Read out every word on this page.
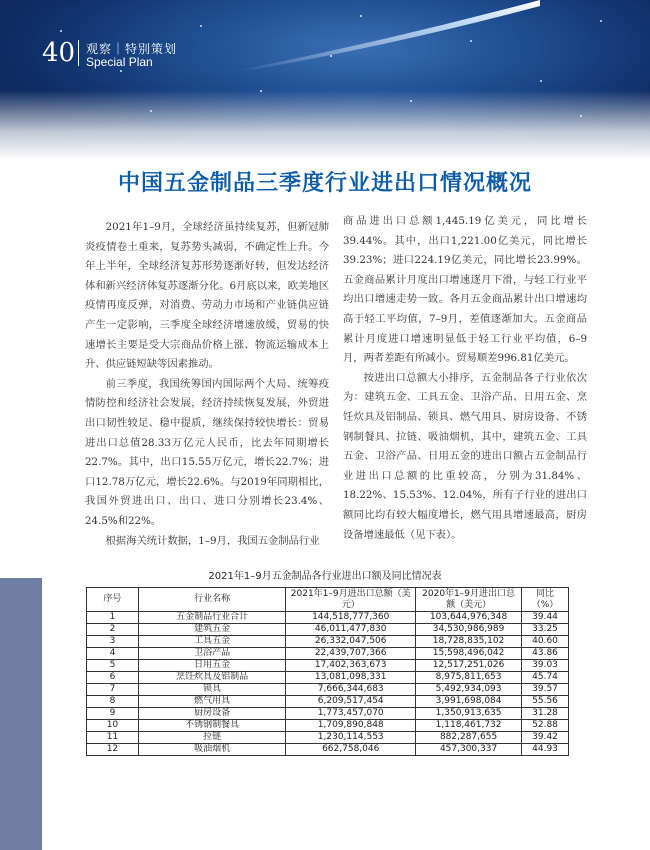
40 观察｜特别策划
Special Plan
中国五金制品三季度行业进出口情况概况

2021年1–9月，全球经济虽持续复苏，但新冠肺炎疫情卷土重来，复苏势头减弱，不确定性上升。今年上半年，全球经济复苏形势逐渐好转，但发达经济体和新兴经济体复苏逐渐分化。6月底以来，欧美地区疫情再度反弹，对消费、劳动力市场和产业链供应链产生一定影响，三季度全球经济增速放缓，贸易的快速增长主要是受大宗商品价格上涨、物流运输成本上升、供应链短缺等因素推动。

前三季度，我国统筹国内国际两个大局、统筹疫情防控和经济社会发展，经济持续恢复发展，外贸进出口韧性较足、稳中提质，继续保持较快增长：贸易进出口总值28.33万亿元人民币，比去年同期增长22.7%。其中，出口15.55万亿元，增长22.7%；进口12.78万亿元，增长22.6%。与2019年同期相比，我国外贸进出口、出口、进口分别增长23.4%、24.5%和22%。

根据海关统计数据，1–9月，我国五金制品行业

商品进出口总额1,445.19亿美元，同比增长39.44%。其中，出口1,221.00亿美元，同比增长39.23%；进口224.19亿美元，同比增长23.99%。五金商品累计月度出口增速逐月下滑，与轻工行业平均出口增速走势一致。各月五金商品累计出口增速均高于轻工平均值，7–9月，差值逐渐加大。五金商品累计月度进口增速明显低于轻工行业平均值，6–9月，两者差距有所减小。贸易顺差996.81亿美元。

按进出口总额大小排序，五金制品各子行业依次为：建筑五金、工具五金、卫浴产品、日用五金、烹饪炊具及铝制品、锁具、燃气用具、厨房设备、不锈钢制餐具、拉链、吸油烟机，其中，建筑五金、工具五金、卫浴产品、日用五金的进出口额占五金制品行业进出口总额的比重较高，分别为31.84%、18.22%、15.53%、12.04%，所有子行业的进出口额同比均有较大幅度增长，燃气用具增速最高，厨房设备增速最低（见下表）。

2021年1–9月五金制品各行业进出口额及同比情况表
序号	行业名称	2021年1–9月进出口总额（美元）	2020年1–9月进出口总额（美元）	同比（%）
1	五金制品行业合计	144,518,777,360	103,644,976,348	39.44
2	建筑五金	46,011,477,830	34,530,986,989	33.25
3	工具五金	26,332,047,506	18,728,835,102	40.60
4	卫浴产品	22,439,707,366	15,598,496,042	43.86
5	日用五金	17,402,363,673	12,517,251,026	39.03
6	烹饪炊具及铝制品	13,081,098,331	8,975,811,653	45.74
7	锁具	7,666,344,683	5,492,934,093	39.57
8	燃气用具	6,209,517,454	3,991,698,084	55.56
9	厨房设备	1,773,457,070	1,350,913,635	31.28
10	不锈钢制餐具	1,709,890,848	1,118,461,732	52.88
11	拉链	1,230,114,553	882,287,655	39.42
12	吸油烟机	662,758,046	457,300,337	44.93
